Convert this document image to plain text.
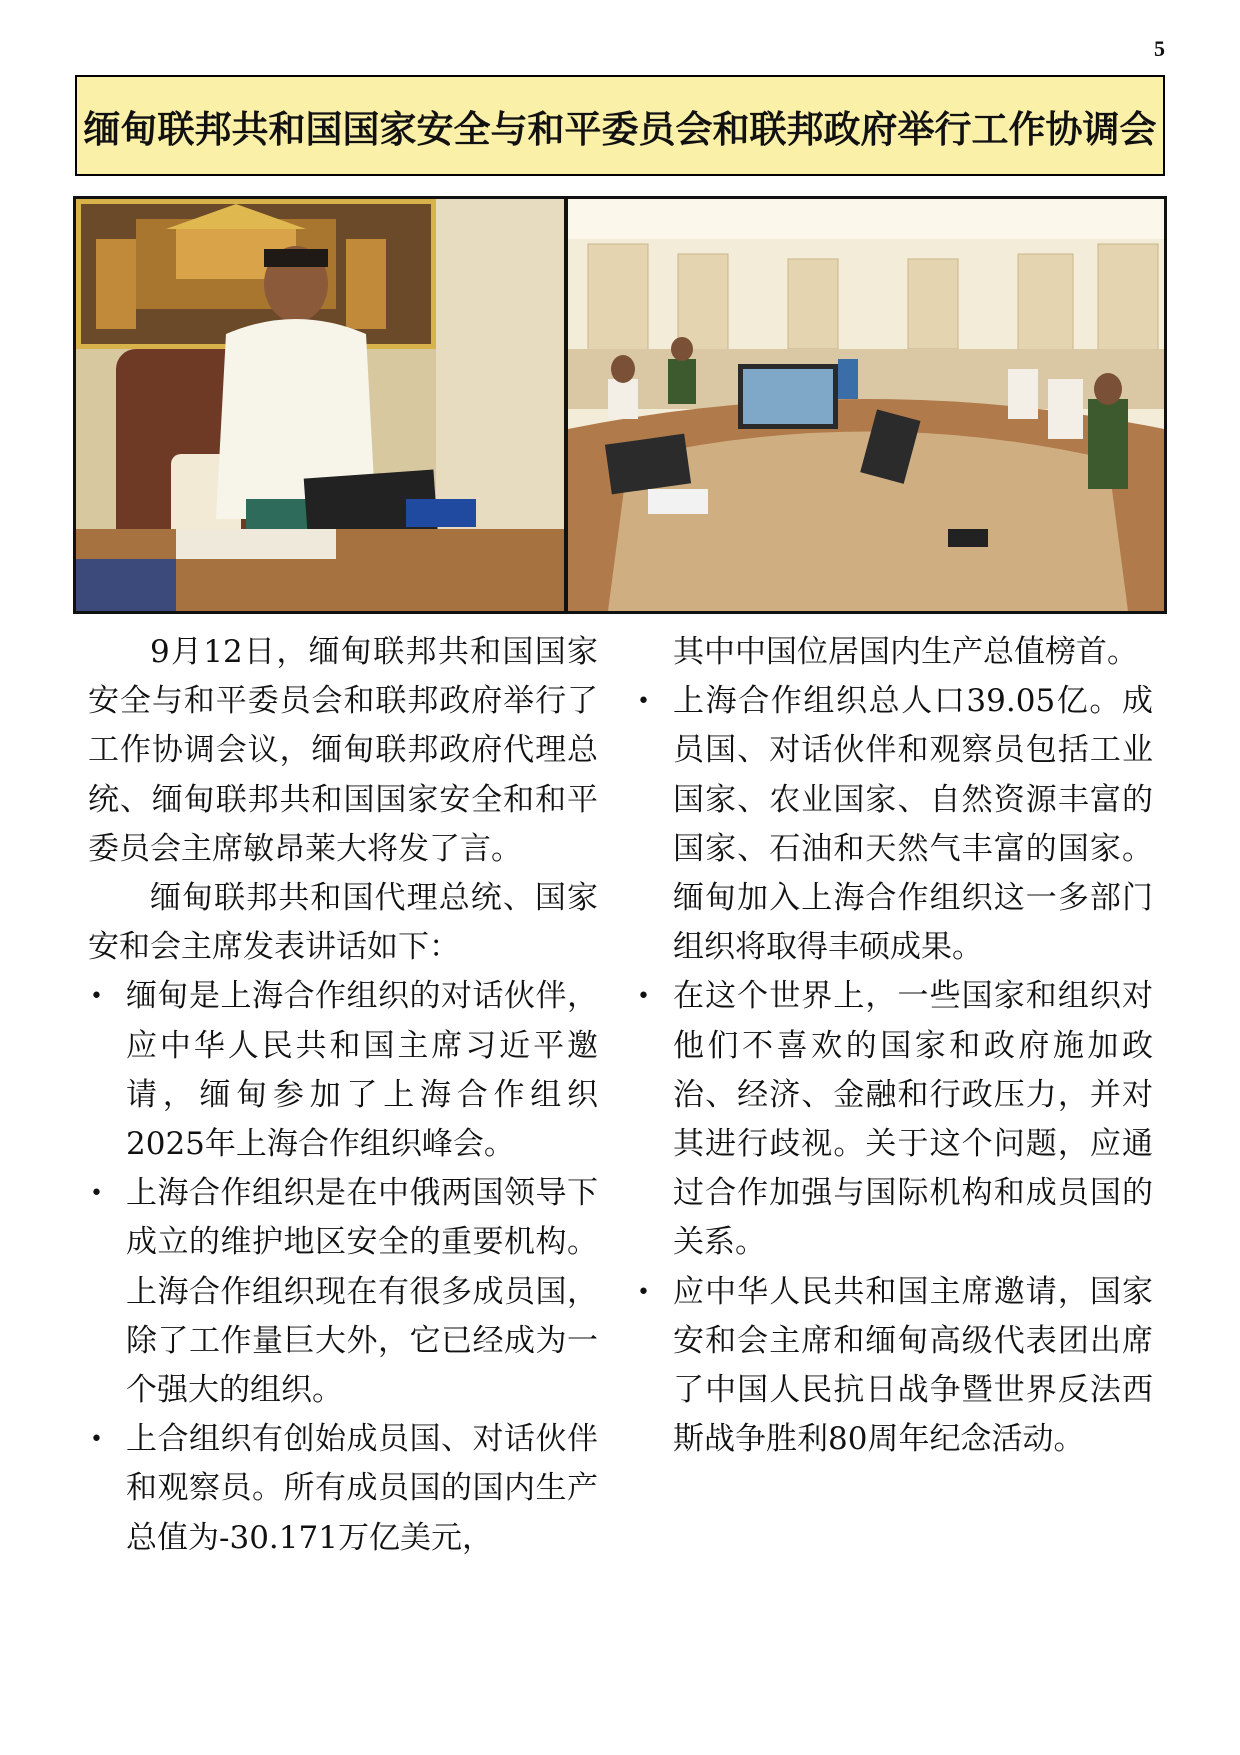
5
缅甸联邦共和国国家安全与和平委员会和联邦政府举行工作协调会

9月12日，缅甸联邦共和国国家安全与和平委员会和联邦政府举行了工作协调会议，缅甸联邦政府代理总统、缅甸联邦共和国国家安全和和平委员会主席敏昂莱大将发了言。

缅甸联邦共和国代理总统、国家安和会主席发表讲话如下：

• 缅甸是上海合作组织的对话伙伴，应中华人民共和国主席习近平邀请，缅甸参加了上海合作组织2025年上海合作组织峰会。
• 上海合作组织是在中俄两国领导下成立的维护地区安全的重要机构。上海合作组织现在有很多成员国，除了工作量巨大外，它已经成为一个强大的组织。
• 上合组织有创始成员国、对话伙伴和观察员。所有成员国的国内生产总值为-30.171万亿美元，

其中中国位居国内生产总值榜首。

• 上海合作组织总人口39.05亿。成员国、对话伙伴和观察员包括工业国家、农业国家、自然资源丰富的国家、石油和天然气丰富的国家。缅甸加入上海合作组织这一多部门组织将取得丰硕成果。
• 在这个世界上，一些国家和组织对他们不喜欢的国家和政府施加政治、经济、金融和行政压力，并对其进行歧视。关于这个问题，应通过合作加强与国际机构和成员国的关系。
• 应中华人民共和国主席邀请，国家安和会主席和缅甸高级代表团出席了中国人民抗日战争暨世界反法西斯战争胜利80周年纪念活动。
